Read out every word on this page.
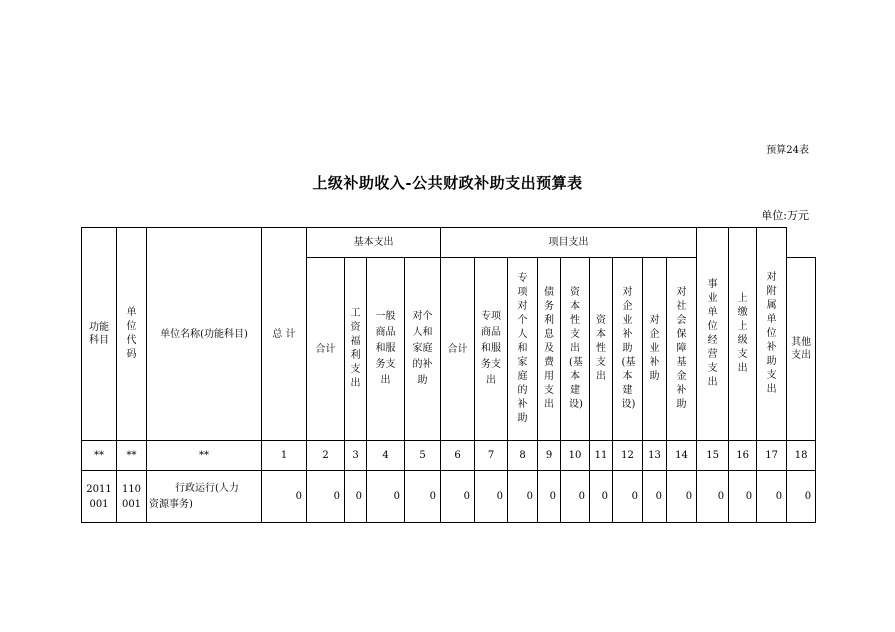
预算24表
上级补助收入-公共财政补助支出预算表
单位:万元
功能科目	单位代码	单位名称(功能科目)	总 计	基本支出				项目支出									事业单位经营支出	上缴上级支出	对附属单位补助支出	

				合计	工资福利支出	一般商品和服务支出	对个人和家庭的补助	合计	专项商品和服务支出	专项对个人和家庭的补助	债务利息及费用支出	资本性支出(基本建设)	资本性支出	对企业补助(基本建设)	对企业补助	对社会保障基金补助				其他支出

**	**	**	1	2	3	4	5	6	7	8	9	10	11	12	13	14	15	16	17	18

2011001	110001	行政运行(人力资源事务)	0	0	0	0	0	0	0	0	0	0	0	0	0	0	0	0	0	0
